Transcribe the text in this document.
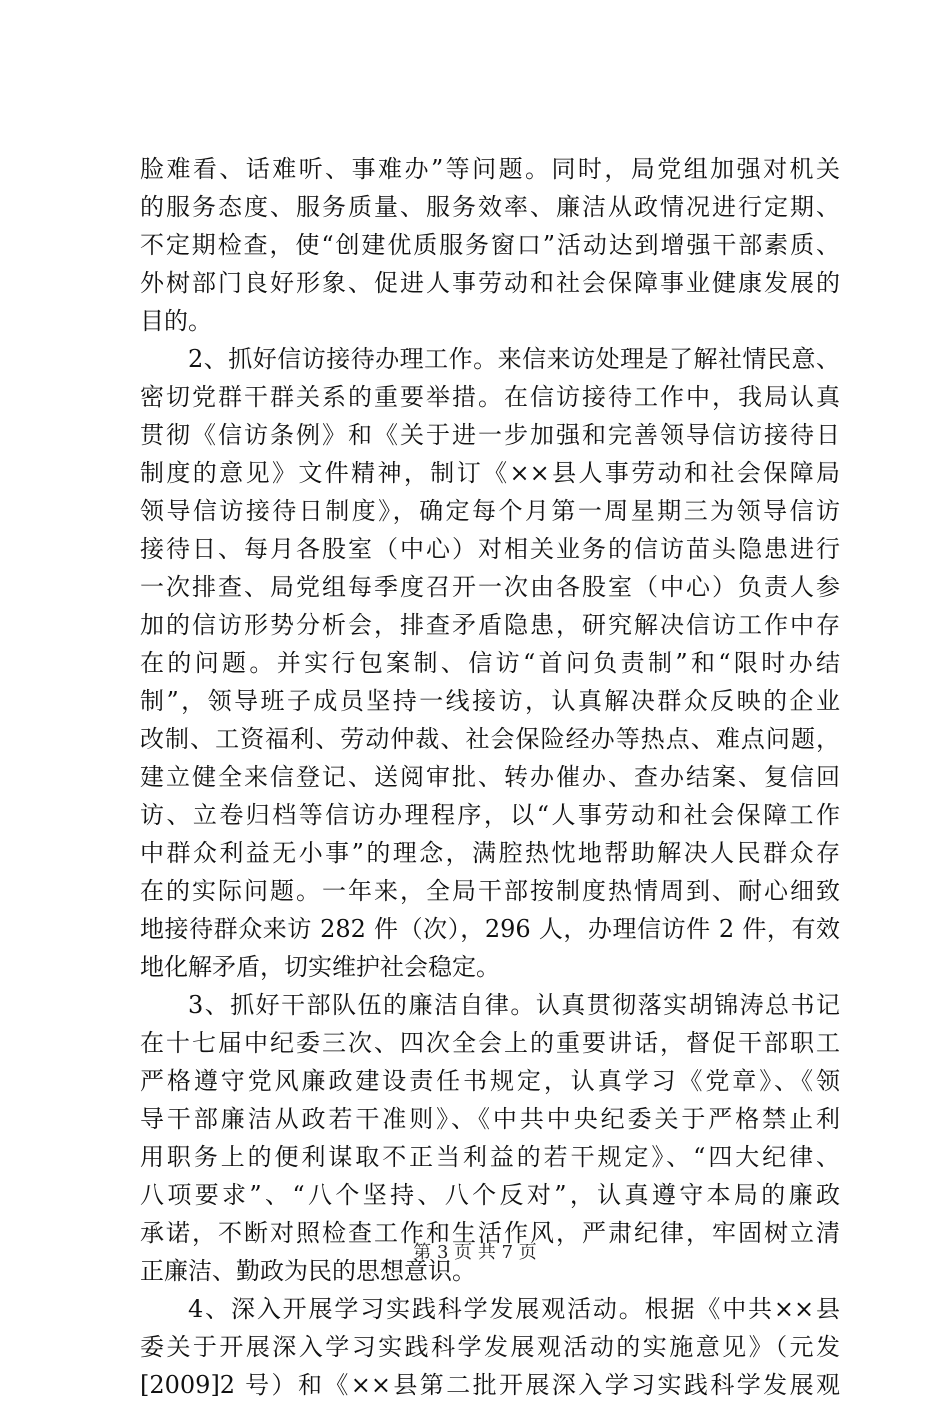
脸难看、话难听、事难办”等问题。同时，局党组加强对机关
的服务态度、服务质量、服务效率、廉洁从政情况进行定期、
不定期检查，使“创建优质服务窗口”活动达到增强干部素质、
外树部门良好形象、促进人事劳动和社会保障事业健康发展的
目的。
2、抓好信访接待办理工作。来信来访处理是了解社情民意、
密切党群干群关系的重要举措。在信访接待工作中，我局认真
贯彻《信访条例》和《关于进一步加强和完善领导信访接待日
制度的意见》文件精神，制订《××县人事劳动和社会保障局
领导信访接待日制度》，确定每个月第一周星期三为领导信访
接待日、每月各股室（中心）对相关业务的信访苗头隐患进行
一次排查、局党组每季度召开一次由各股室（中心）负责人参
加的信访形势分析会，排查矛盾隐患，研究解决信访工作中存
在的问题。并实行包案制、信访“首问负责制”和“限时办结
制”，领导班子成员坚持一线接访，认真解决群众反映的企业
改制、工资福利、劳动仲裁、社会保险经办等热点、难点问题，
建立健全来信登记、送阅审批、转办催办、查办结案、复信回
访、立卷归档等信访办理程序，以“人事劳动和社会保障工作
中群众利益无小事”的理念，满腔热忱地帮助解决人民群众存
在的实际问题。一年来，全局干部按制度热情周到、耐心细致
地接待群众来访 282 件（次），296 人，办理信访件 2 件，有效
地化解矛盾，切实维护社会稳定。
3、抓好干部队伍的廉洁自律。认真贯彻落实胡锦涛总书记
在十七届中纪委三次、四次全会上的重要讲话，督促干部职工
严格遵守党风廉政建设责任书规定，认真学习《党章》、《领
导干部廉洁从政若干准则》、《中共中央纪委关于严格禁止利
用职务上的便利谋取不正当利益的若干规定》、“四大纪律、
八项要求”、“八个坚持、八个反对”，认真遵守本局的廉政
承诺，不断对照检查工作和生活作风，严肃纪律，牢固树立清
正廉洁、勤政为民的思想意识。
4、深入开展学习实践科学发展观活动。根据《中共××县
委关于开展深入学习实践科学发展观活动的实施意见》（元发
[2009]2 号）和《××县第二批开展深入学习实践科学发展观
第 3 页 共 7 页
